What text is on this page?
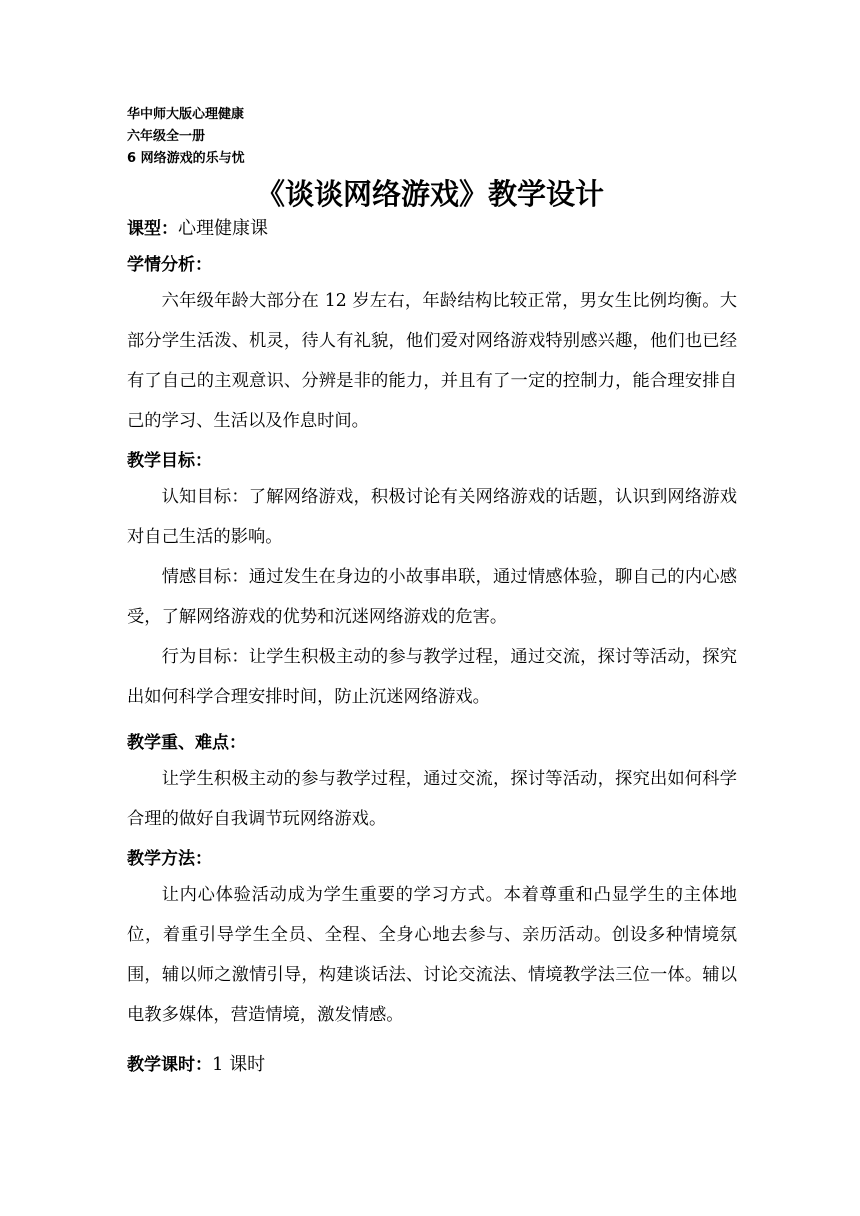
华中师大版心理健康
六年级全一册
6 网络游戏的乐与忧
《谈谈网络游戏》教学设计

课型：心理健康课

学情分析：

六年级年龄大部分在 12 岁左右，年龄结构比较正常，男女生比例均衡。大部分学生活泼、机灵，待人有礼貌，他们爱对网络游戏特别感兴趣，他们也已经有了自己的主观意识、分辨是非的能力，并且有了一定的控制力，能合理安排自己的学习、生活以及作息时间。

教学目标：

认知目标：了解网络游戏，积极讨论有关网络游戏的话题，认识到网络游戏对自己生活的影响。

情感目标：通过发生在身边的小故事串联，通过情感体验，聊自己的内心感受，了解网络游戏的优势和沉迷网络游戏的危害。

行为目标：让学生积极主动的参与教学过程，通过交流，探讨等活动，探究出如何科学合理安排时间，防止沉迷网络游戏。

教学重、难点：

让学生积极主动的参与教学过程，通过交流，探讨等活动，探究出如何科学合理的做好自我调节玩网络游戏。

教学方法：

让内心体验活动成为学生重要的学习方式。本着尊重和凸显学生的主体地位，着重引导学生全员、全程、全身心地去参与、亲历活动。创设多种情境氛围，辅以师之激情引导，构建谈话法、讨论交流法、情境教学法三位一体。辅以电教多媒体，营造情境，激发情感。

教学课时：1 课时
